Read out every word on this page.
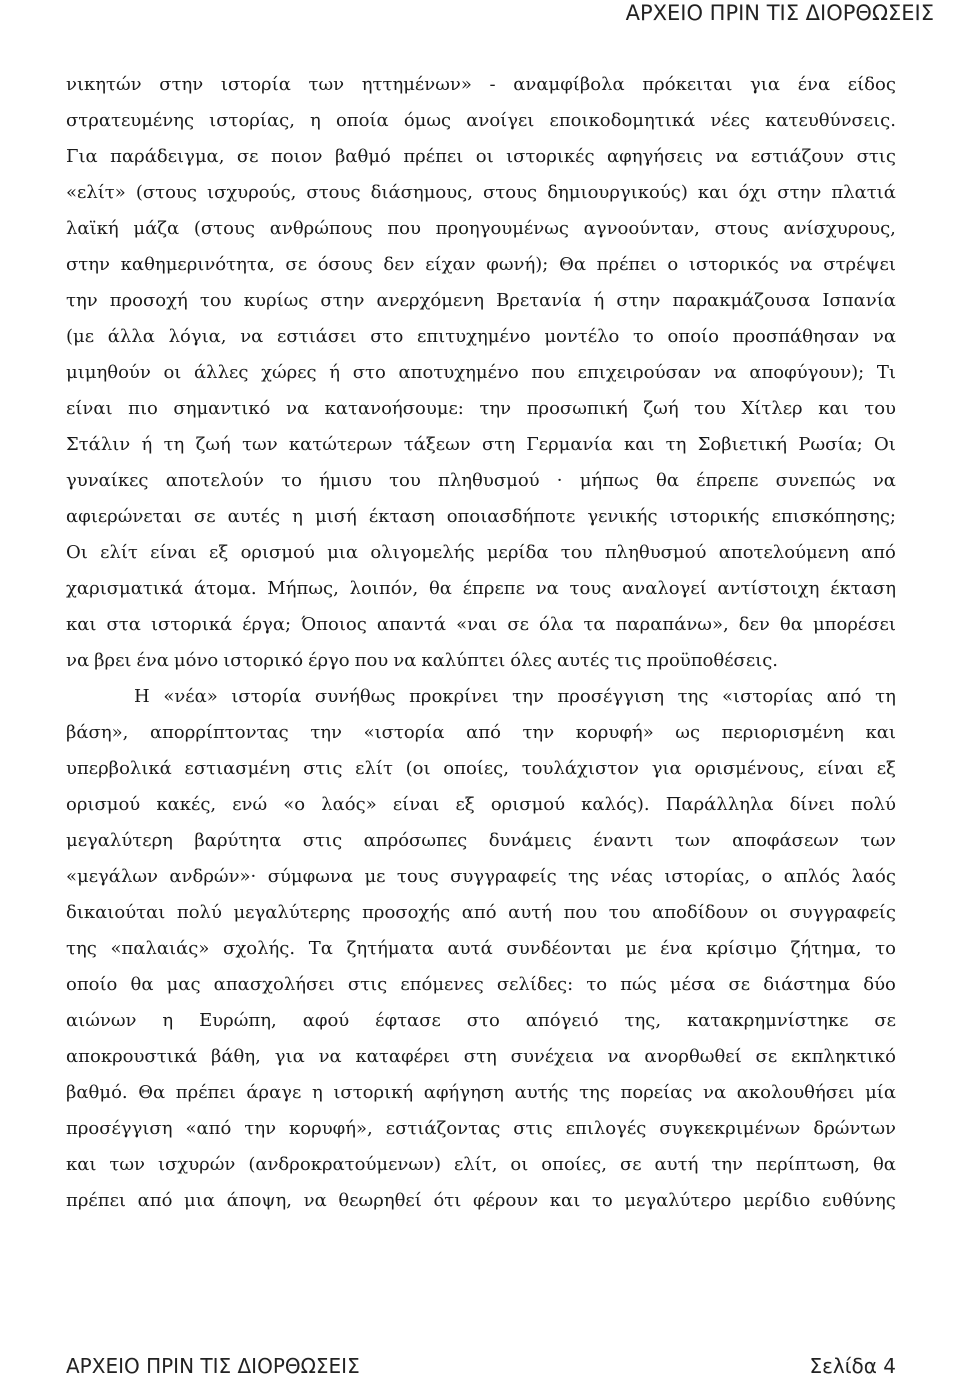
ΑΡΧΕΙΟ ΠΡΙΝ ΤΙΣ ΔΙΟΡΘΩΣΕΙΣ
νικητών στην ιστορία των ηττημένων» - αναμφίβολα πρόκειται για ένα είδος
στρατευμένης ιστορίας, η οποία όμως ανοίγει εποικοδομητικά νέες κατευθύνσεις.
Για παράδειγμα, σε ποιον βαθμό πρέπει οι ιστορικές αφηγήσεις να εστιάζουν στις
«ελίτ» (στους ισχυρούς, στους διάσημους, στους δημιουργικούς) και όχι στην πλατιά
λαϊκή μάζα (στους ανθρώπους που προηγουμένως αγνοούνταν, στους ανίσχυρους,
στην καθημερινότητα, σε όσους δεν είχαν φωνή); Θα πρέπει ο ιστορικός να στρέψει
την προσοχή του κυρίως στην ανερχόμενη Βρετανία ή στην παρακμάζουσα Ισπανία
(με άλλα λόγια, να εστιάσει στο επιτυχημένο μοντέλο το οποίο προσπάθησαν να
μιμηθούν οι άλλες χώρες ή στο αποτυχημένο που επιχειρούσαν να αποφύγουν); Τι
είναι πιο σημαντικό να κατανοήσουμε: την προσωπική ζωή του Χίτλερ και του
Στάλιν ή τη ζωή των κατώτερων τάξεων στη Γερμανία και τη Σοβιετική Ρωσία; Οι
γυναίκες αποτελούν το ήμισυ του πληθυσμού · μήπως θα έπρεπε συνεπώς να
αφιερώνεται σε αυτές η μισή έκταση οποιασδήποτε γενικής ιστορικής επισκόπησης;
Οι ελίτ είναι εξ ορισμού μια ολιγομελής μερίδα του πληθυσμού αποτελούμενη από
χαρισματικά άτομα. Μήπως, λοιπόν, θα έπρεπε να τους αναλογεί αντίστοιχη έκταση
και στα ιστορικά έργα; Όποιος απαντά «ναι σε όλα τα παραπάνω», δεν θα μπορέσει
να βρει ένα μόνο ιστορικό έργο που να καλύπτει όλες αυτές τις προϋποθέσεις.
Η «νέα» ιστορία συνήθως προκρίνει την προσέγγιση της «ιστορίας από τη
βάση», απορρίπτοντας την «ιστορία από την κορυφή» ως περιορισμένη και
υπερβολικά εστιασμένη στις ελίτ (οι οποίες, τουλάχιστον για ορισμένους, είναι εξ
ορισμού κακές, ενώ «ο λαός» είναι εξ ορισμού καλός). Παράλληλα δίνει πολύ
μεγαλύτερη βαρύτητα στις απρόσωπες δυνάμεις έναντι των αποφάσεων των
«μεγάλων ανδρών»· σύμφωνα με τους συγγραφείς της νέας ιστορίας, ο απλός λαός
δικαιούται πολύ μεγαλύτερης προσοχής από αυτή που του αποδίδουν οι συγγραφείς
της «παλαιάς» σχολής. Τα ζητήματα αυτά συνδέονται με ένα κρίσιμο ζήτημα, το
οποίο θα μας απασχολήσει στις επόμενες σελίδες: το πώς μέσα σε διάστημα δύο
αιώνων η Ευρώπη, αφού έφτασε στο απόγειό της, κατακρημνίστηκε σε
αποκρουστικά βάθη, για να καταφέρει στη συνέχεια να ανορθωθεί σε εκπληκτικό
βαθμό. Θα πρέπει άραγε η ιστορική αφήγηση αυτής της πορείας να ακολουθήσει μία
προσέγγιση «από την κορυφή», εστιάζοντας στις επιλογές συγκεκριμένων δρώντων
και των ισχυρών (ανδροκρατούμενων) ελίτ, οι οποίες, σε αυτή την περίπτωση, θα
πρέπει από μια άποψη, να θεωρηθεί ότι φέρουν και το μεγαλύτερο μερίδιο ευθύνης
ΑΡΧΕΙΟ ΠΡΙΝ ΤΙΣ ΔΙΟΡΘΩΣΕΙΣ	Σελίδα 4
